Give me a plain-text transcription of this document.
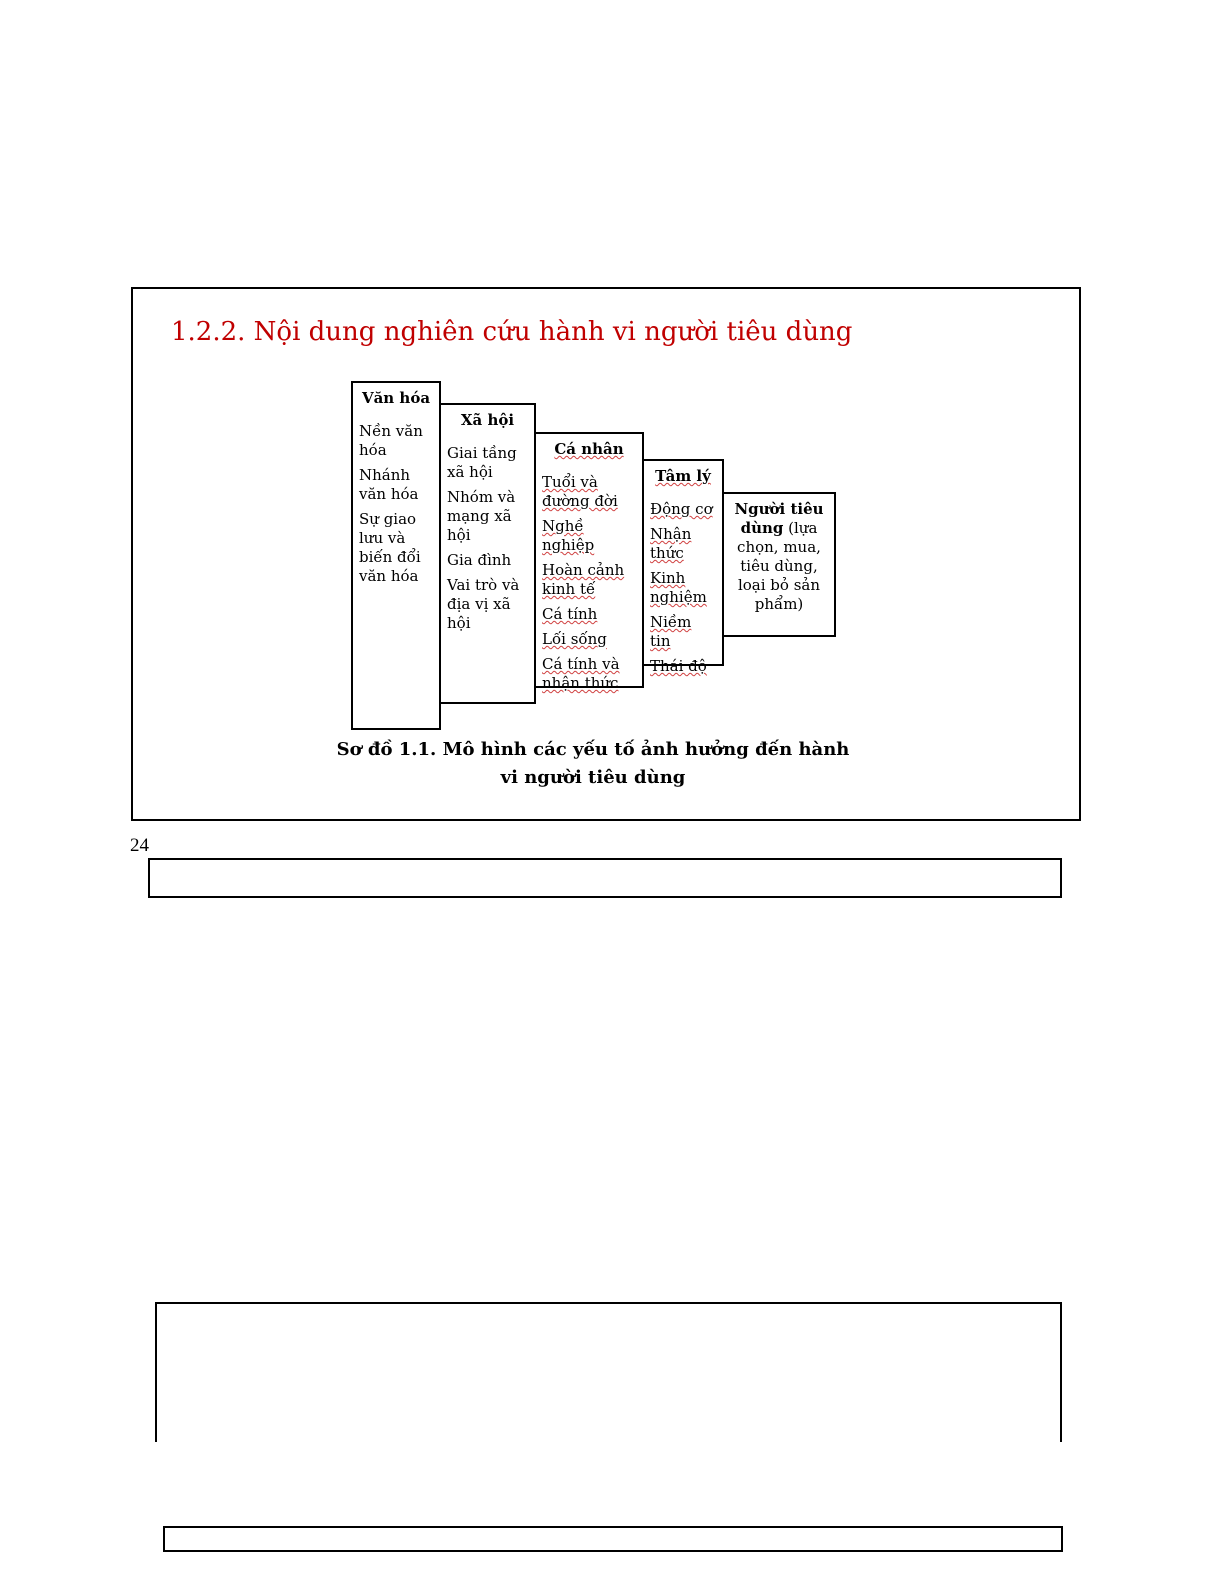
1.2.2. Nội dung nghiên cứu hành vi người tiêu dùng
Văn hóa
Nền văn hóa
Nhánh văn hóa
Sự giao lưu và biến đổi văn hóa
Xã hội
Giai tầng xã hội
Nhóm và mạng xã hội
Gia đình
Vai trò và địa vị xã hội
Cá nhân
Tuổi và đường đời
Nghề nghiệp
Hoàn cảnh kinh tế
Cá tính
Lối sống
Cá tính và nhận thức
Tâm lý
Động cơ
Nhận thức
Kinh nghiệm
Niềm tin
Thái độ
Người tiêu dùng (lựa chọn, mua, tiêu dùng, loại bỏ sản phẩm)
Sơ đồ 1.1. Mô hình các yếu tố ảnh hưởng đến hành vi người tiêu dùng
24
